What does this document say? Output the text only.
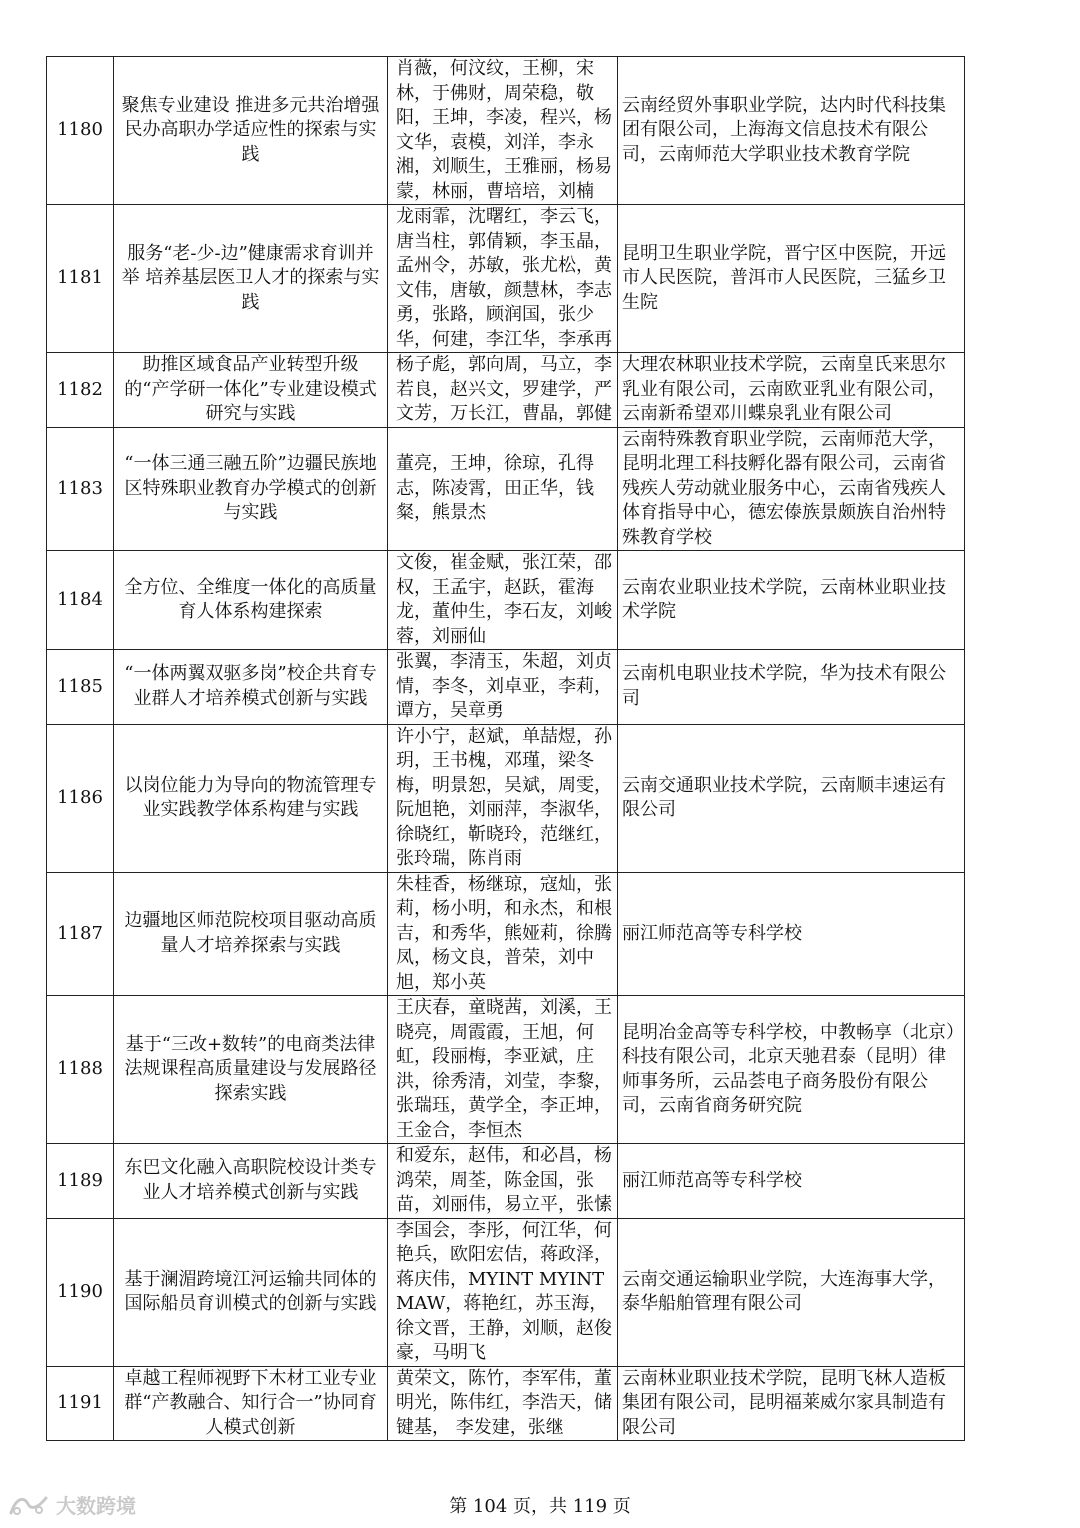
1180	聚焦专业建设 推进多元共治增强民办高职办学适应性的探索与实践	肖薇，何汶纹，王柳，宋林，于佛财，周荣稳，敬阳，王坤，李凌，程兴，杨文华，袁模，刘洋，李永湘，刘顺生，王雅丽，杨易蒙，林丽，曹培培，刘楠	云南经贸外事职业学院，达内时代科技集团有限公司，上海海文信息技术有限公司，云南师范大学职业技术教育学院
1181	服务“老-少-边”健康需求育训并举 培养基层医卫人才的探索与实践	龙雨霏，沈曙红，李云飞，唐当柱，郭倩颖，李玉晶，孟州令，苏敏，张尤松，黄文伟，唐敏，颜慧林，李志勇，张路，顾润国，张少华，何建，李江华，李承再	昆明卫生职业学院，晋宁区中医院，开远市人民医院，普洱市人民医院，三猛乡卫生院
1182	助推区域食品产业转型升级的“产学研一体化”专业建设模式研究与实践	杨子彪，郭向周，马立，李若良，赵兴文，罗建学，严文芳，万长江，曹晶，郭健	大理农林职业技术学院，云南皇氏来思尔乳业有限公司，云南欧亚乳业有限公司，云南新希望邓川蝶泉乳业有限公司
1183	“一体三通三融五阶”边疆民族地区特殊职业教育办学模式的创新与实践	董亮，王坤，徐琼，孔得志，陈凌霄，田正华，钱粲，熊景杰	云南特殊教育职业学院，云南师范大学，昆明北理工科技孵化器有限公司，云南省残疾人劳动就业服务中心，云南省残疾人体育指导中心，德宏傣族景颇族自治州特殊教育学校
1184	全方位、全维度一体化的高质量育人体系构建探索	文俊，崔金赋，张江荣，邵权，王孟宇，赵跃，霍海龙，董仲生，李石友，刘峻蓉，刘丽仙	云南农业职业技术学院，云南林业职业技术学院
1185	“一体两翼双驱多岗”校企共育专业群人才培养模式创新与实践	张翼，李清玉，朱超，刘贞情，李冬，刘卓亚，李莉，谭方，吴章勇	云南机电职业技术学院，华为技术有限公司
1186	以岗位能力为导向的物流管理专业实践教学体系构建与实践	许小宁，赵斌，单喆煜，孙玥，王书槐，邓瑾，梁冬梅，明景恕，吴斌，周雯，阮旭艳，刘丽萍，李淑华，徐晓红，靳晓玲，范继红，张玲瑞，陈肖雨	云南交通职业技术学院，云南顺丰速运有限公司
1187	边疆地区师范院校项目驱动高质量人才培养探索与实践	朱桂香，杨继琼，寇灿，张莉，杨小明，和永杰，和根吉，和秀华，熊娅莉，徐腾凤，杨文良，普荣，刘中旭，郑小英	丽江师范高等专科学校
1188	基于“三改+数转”的电商类法律法规课程高质量建设与发展路径探索实践	王庆春，童晓茜，刘溪，王晓亮，周霞霞，王旭，何虹，段丽梅，李亚斌，庄洪，徐秀清，刘莹，李黎，张瑞珏，黄学全，李正坤，王金合，李恒杰	昆明冶金高等专科学校，中教畅享（北京）科技有限公司，北京天驰君泰（昆明）律师事务所，云品荟电子商务股份有限公司，云南省商务研究院
1189	东巴文化融入高职院校设计类专业人才培养模式创新与实践	和爱东，赵伟，和必昌，杨鸿荣，周荃，陈金国，张苗，刘丽伟，易立平，张愫	丽江师范高等专科学校
1190	基于澜湄跨境江河运输共同体的国际船员育训模式的创新与实践	李国会，李彤，何江华，何艳兵，欧阳宏佶，蒋政泽，蒋庆伟，MYINT MYINT MAW，蒋艳红，苏玉海，徐文晋，王静，刘顺，赵俊豪，马明飞	云南交通运输职业学院，大连海事大学，泰华船舶管理有限公司
1191	卓越工程师视野下木材工业专业群“产教融合、知行合一”协同育人模式创新	黄荣文，陈竹，李军伟，董明光，陈伟红，李浩天，储键基， 李发建，张继	云南林业职业技术学院，昆明飞林人造板集团有限公司，昆明福莱威尔家具制造有限公司
第 104 页，共 119 页
大数跨境
